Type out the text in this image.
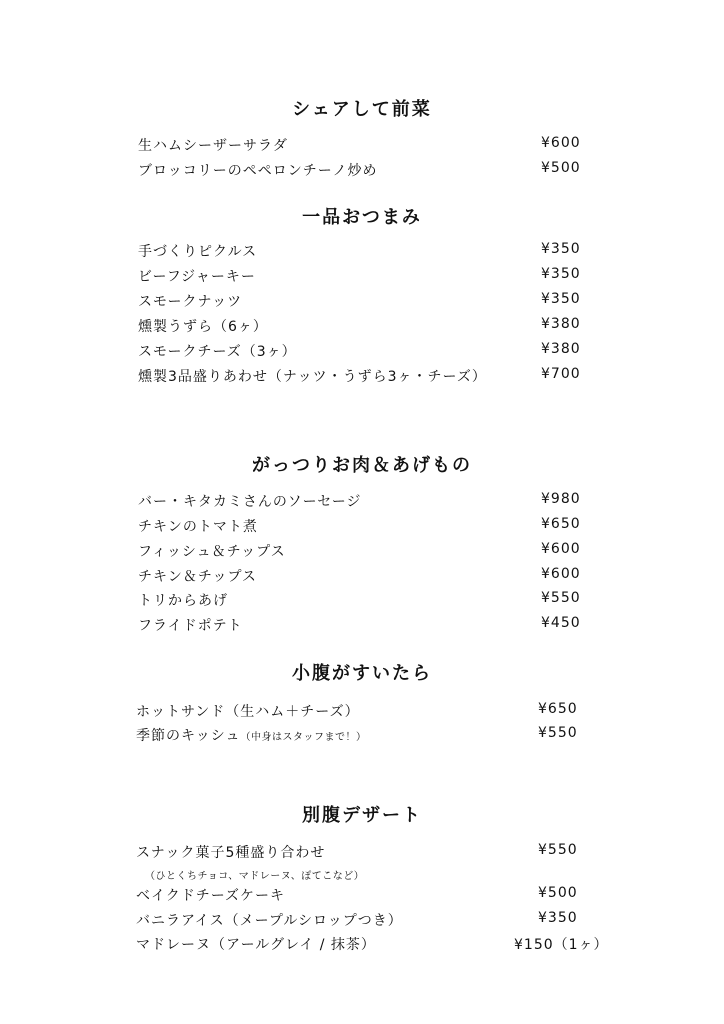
シェアして前菜
生ハムシーザーサラダ	¥600
ブロッコリーのペペロンチーノ炒め	¥500
一品おつまみ
手づくりピクルス	¥350
ビーフジャーキー	¥350
スモークナッツ	¥350
燻製うずら（6ヶ）	¥380
スモークチーズ（3ヶ）	¥380
燻製3品盛りあわせ（ナッツ・うずら3ヶ・チーズ）	¥700
がっつりお肉＆あげもの
バー・キタカミさんのソーセージ	¥980
チキンのトマト煮	¥650
フィッシュ＆チップス	¥600
チキン＆チップス	¥600
トリからあげ	¥550
フライドポテト	¥450
小腹がすいたら
ホットサンド（生ハム＋チーズ）	¥650
季節のキッシュ（中身はスタッフまで！）	¥550
別腹デザート
スナック菓子5種盛り合わせ	¥550
（ひとくちチョコ、マドレーヌ、ぽてこなど）
ベイクドチーズケーキ	¥500
バニラアイス（メープルシロップつき）	¥350
マドレーヌ（アールグレイ / 抹茶）	¥150（1ヶ）
